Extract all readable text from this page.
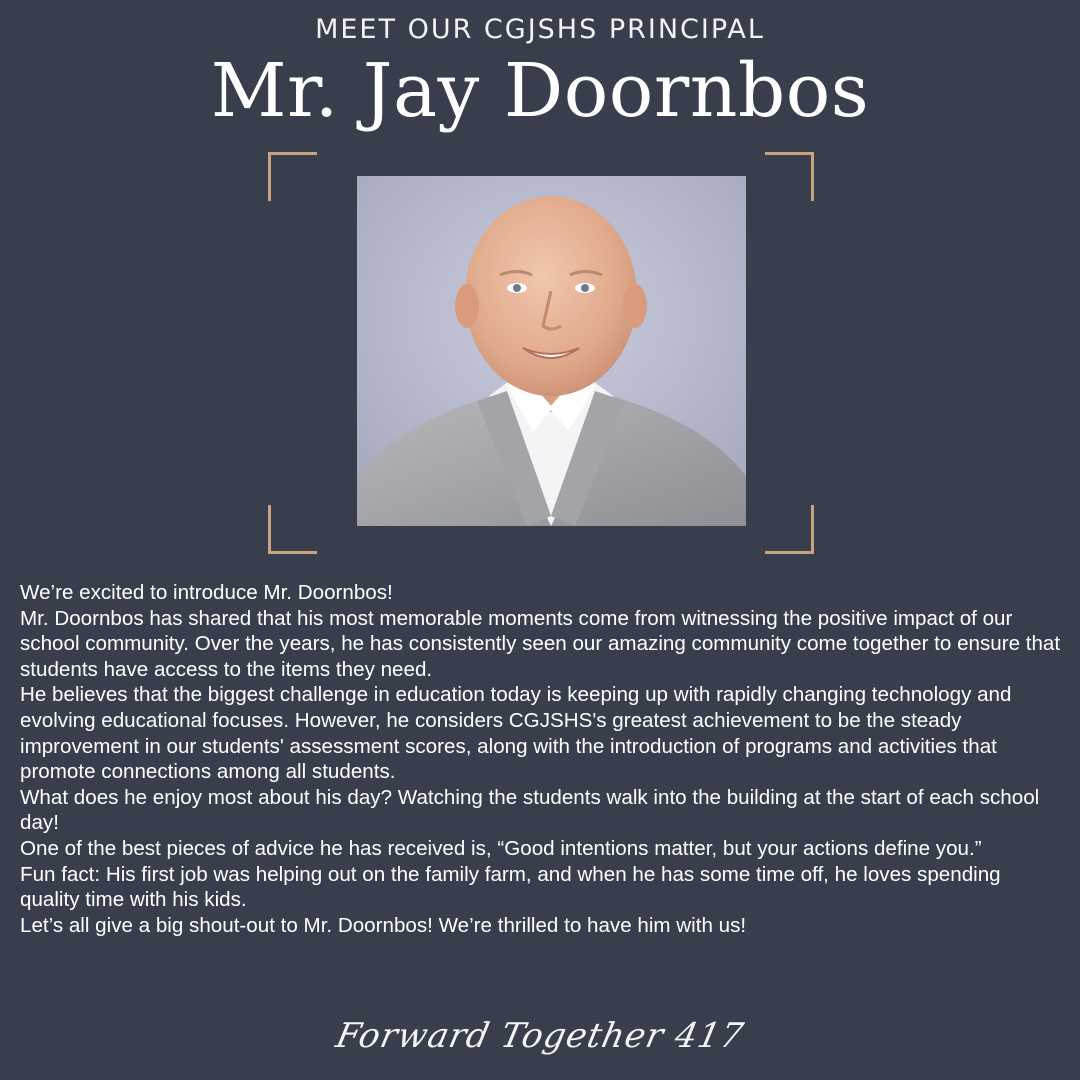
MEET OUR CGJSHS PRINCIPAL
Mr. Jay Doornbos

We’re excited to introduce Mr. Doornbos!

Mr. Doornbos has shared that his most memorable moments come from witnessing the positive impact of our school community. Over the years, he has consistently seen our amazing community come together to ensure that students have access to the items they need.

He believes that the biggest challenge in education today is keeping up with rapidly changing technology and evolving educational focuses. However, he considers CGJSHS's greatest achievement to be the steady improvement in our students' assessment scores, along with the introduction of programs and activities that promote connections among all students.

What does he enjoy most about his day? Watching the students walk into the building at the start of each school day!

One of the best pieces of advice he has received is, “Good intentions matter, but your actions define you.”

Fun fact: His first job was helping out on the family farm, and when he has some time off, he loves spending quality time with his kids.

Let’s all give a big shout-out to Mr. Doornbos! We’re thrilled to have him with us!

Forward Together 417
